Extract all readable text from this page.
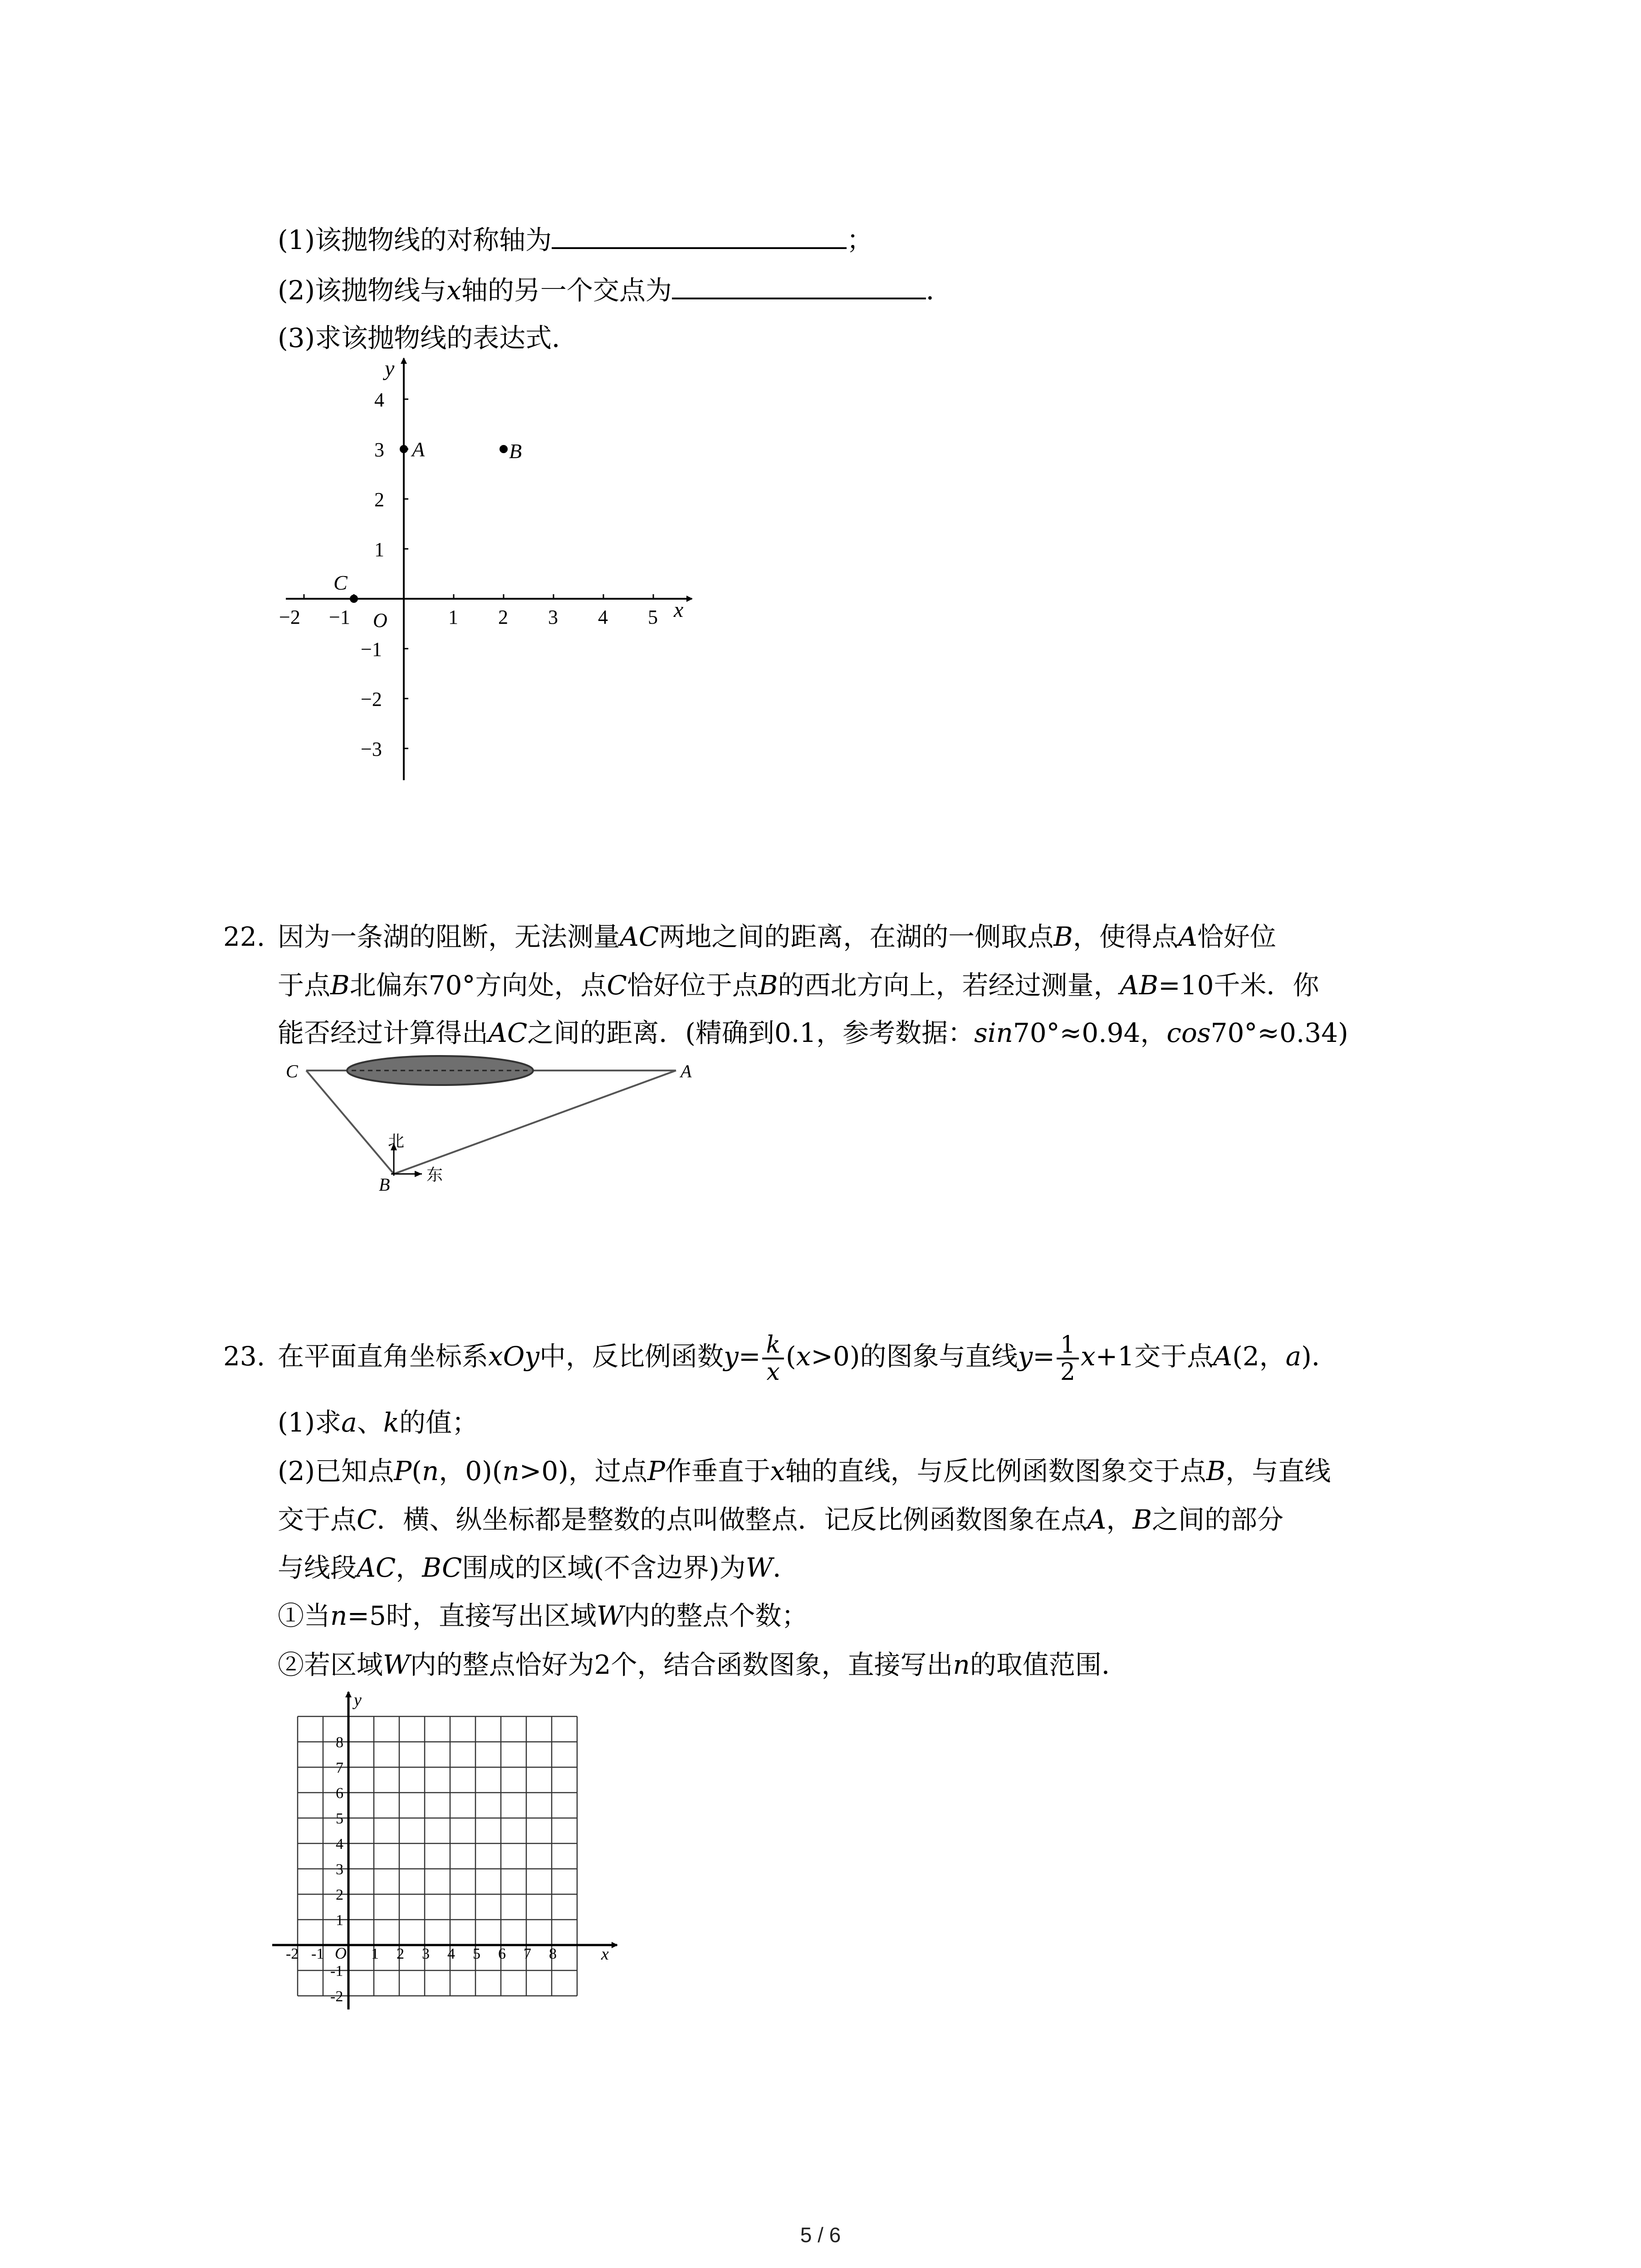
(1)该抛物线的对称轴为	；
(2)该抛物线与x轴的另一个交点为	．
(3)求该抛物线的表达式．
x
y
O
−2 −1	1 2 3 4 5
4
3
2
1
−1
−2
−3
A	B
C
22. 因为一条湖的阻断，无法测量AC两地之间的距离，在湖的一侧取点B，使得点A恰好位
于点B北偏东70°方向处，点C恰好位于点B的西北方向上，若经过测量，AB=10千米．你
能否经过计算得出AC之间的距离．(精确到0.1，参考数据：sin70°≈0.94，cos70°≈0.34)
C	A
B
北
东
23. 在平面直角坐标系xOy中，反比例函数$y= \frac{k}{x} (x>0)$的图象与直线$y= \frac{1}{2} x+1$交于点A(2，a)．
(1)求a、k的值；
(2)已知点P(n，0)(n>0)，过点P作垂直于x轴的直线，与反比例函数图象交于点B，与直线
交于点C．横、纵坐标都是整数的点叫做整点．记反比例函数图象在点A，B之间的部分
与线段AC，BC围成的区域(不含边界)为W．
①当n=5时，直接写出区域W内的整点个数；
②若区域W内的整点恰好为2个，结合函数图象，直接写出n的取值范围．
x
y
O
-2 -1	1 2 3 4 5 6 7 8
8
7
6
5
4
3
2
1
-1
-2
5 / 6
